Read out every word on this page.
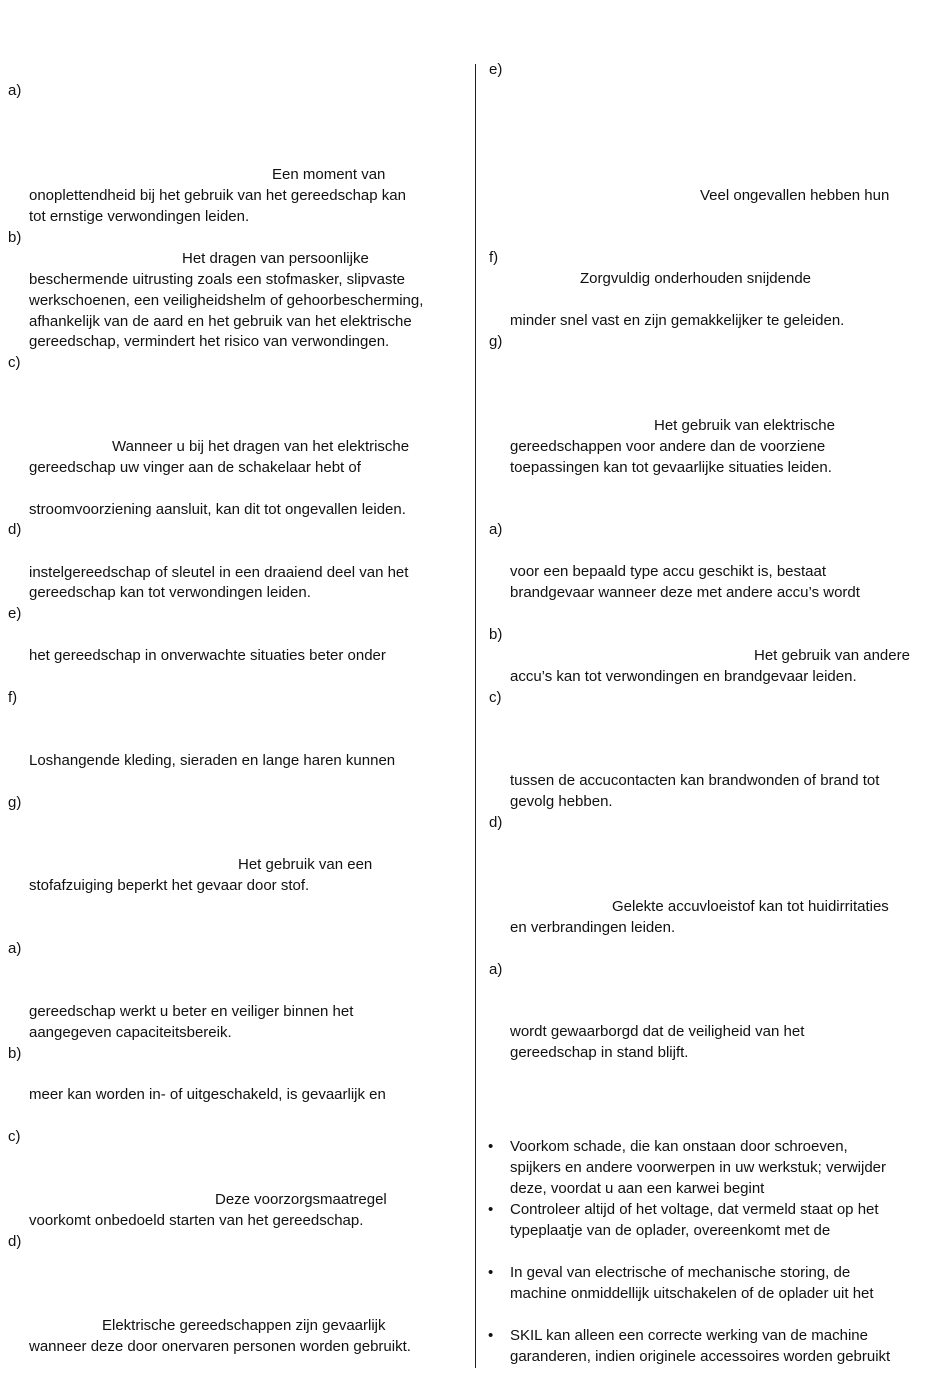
a)
b)
c)
d)
e)
f)
g)
a)
b)
c)
d)
Een moment van
onoplettendheid bij het gebruik van het gereedschap kan
tot ernstige verwondingen leiden.
Het dragen van persoonlijke
beschermende uitrusting zoals een stofmasker, slipvaste
werkschoenen, een veiligheidshelm of gehoorbescherming,
afhankelijk van de aard en het gebruik van het elektrische
gereedschap, vermindert het risico van verwondingen.
Wanneer u bij het dragen van het elektrische
gereedschap uw vinger aan de schakelaar hebt of
stroomvoorziening aansluit, kan dit tot ongevallen leiden.
instelgereedschap of sleutel in een draaiend deel van het
gereedschap kan tot verwondingen leiden.
het gereedschap in onverwachte situaties beter onder
Loshangende kleding, sieraden en lange haren kunnen
Het gebruik van een
stofafzuiging beperkt het gevaar door stof.
gereedschap werkt u beter en veiliger binnen het
aangegeven capaciteitsbereik.
meer kan worden in- of uitgeschakeld, is gevaarlijk en
Deze voorzorgsmaatregel
voorkomt onbedoeld starten van het gereedschap.
Elektrische gereedschappen zijn gevaarlijk
wanneer deze door onervaren personen worden gebruikt.
e)
f)
g)
a)
b)
c)
d)
a)
Veel ongevallen hebben hun
Zorgvuldig onderhouden snijdende
minder snel vast en zijn gemakkelijker te geleiden.
Het gebruik van elektrische
gereedschappen voor andere dan de voorziene
toepassingen kan tot gevaarlijke situaties leiden.
voor een bepaald type accu geschikt is, bestaat
brandgevaar wanneer deze met andere accu’s wordt
Het gebruik van andere
accu’s kan tot verwondingen en brandgevaar leiden.
tussen de accucontacten kan brandwonden of brand tot
gevolg hebben.
Gelekte accuvloeistof kan tot huidirritaties
en verbrandingen leiden.
wordt gewaarborgd dat de veiligheid van het
gereedschap in stand blijft.
• Voorkom schade, die kan onstaan door schroeven,
spijkers en andere voorwerpen in uw werkstuk; verwijder
deze, voordat u aan een karwei begint
• Controleer altijd of het voltage, dat vermeld staat op het
typeplaatje van de oplader, overeenkomt met de
• In geval van electrische of mechanische storing, de
machine onmiddellijk uitschakelen of de oplader uit het
• SKIL kan alleen een correcte werking van de machine
garanderen, indien originele accessoires worden gebruikt
